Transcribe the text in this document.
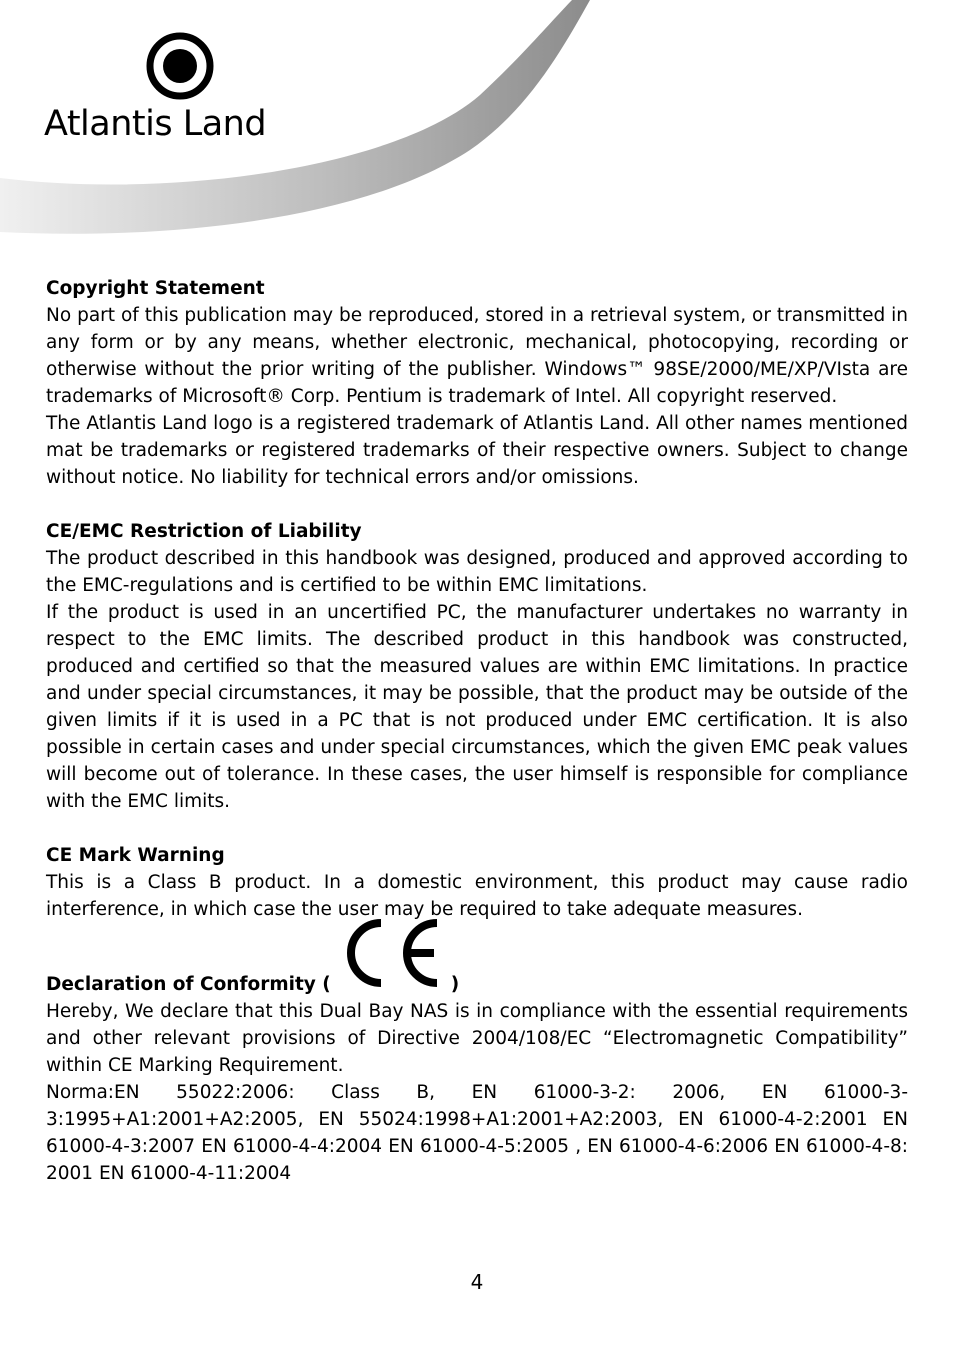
Atlantis Land
Copyright Statement

No part of this publication may be reproduced, stored in a retrieval system, or transmitted in any form or by any means, whether electronic, mechanical, photocopying, recording or otherwise without the prior writing of the publisher. Windows™ 98SE/2000/ME/XP/VIsta are trademarks of Microsoft® Corp. Pentium is trademark of Intel. All copyright reserved.

The Atlantis Land logo is a registered trademark of Atlantis Land. All other names mentioned mat be trademarks or registered trademarks of their respective owners. Subject to change without notice. No liability for technical errors and/or omissions.

CE/EMC Restriction of Liability

The product described in this handbook was designed, produced and approved according to the EMC-regulations and is certified to be within EMC limitations.

If the product is used in an uncertified PC, the manufacturer undertakes no warranty in respect to the EMC limits. The described product in this handbook was constructed, produced and certified so that the measured values are within EMC limitations. In practice and under special circumstances, it may be possible, that the product may be outside of the given limits if it is used in a PC that is not produced under EMC certification. It is also possible in certain cases and under special circumstances, which the given EMC peak values will become out of tolerance. In these cases, the user himself is responsible for compliance with the EMC limits.

CE Mark Warning

This is a Class B product. In a domestic environment, this product may cause radio interference, in which case the user may be required to take adequate measures.

Declaration of Conformity (	)

Hereby, We declare that this Dual Bay NAS is in compliance with the essential requirements and other relevant provisions of Directive 2004/108/EC “Electromagnetic Compatibility” within CE Marking Requirement.

Norma:EN 55022:2006: Class B, EN 61000-3-2: 2006, EN 61000-3-3:1995+A1:2001+A2:2005, EN 55024:1998+A1:2001+A2:2003, EN 61000-4-2:2001 EN 61000-4-3:2007 EN 61000-4-4:2004 EN 61000-4-5:2005 , EN 61000-4-6:2006 EN 61000-4-8: 2001 EN 61000-4-11:2004

4
